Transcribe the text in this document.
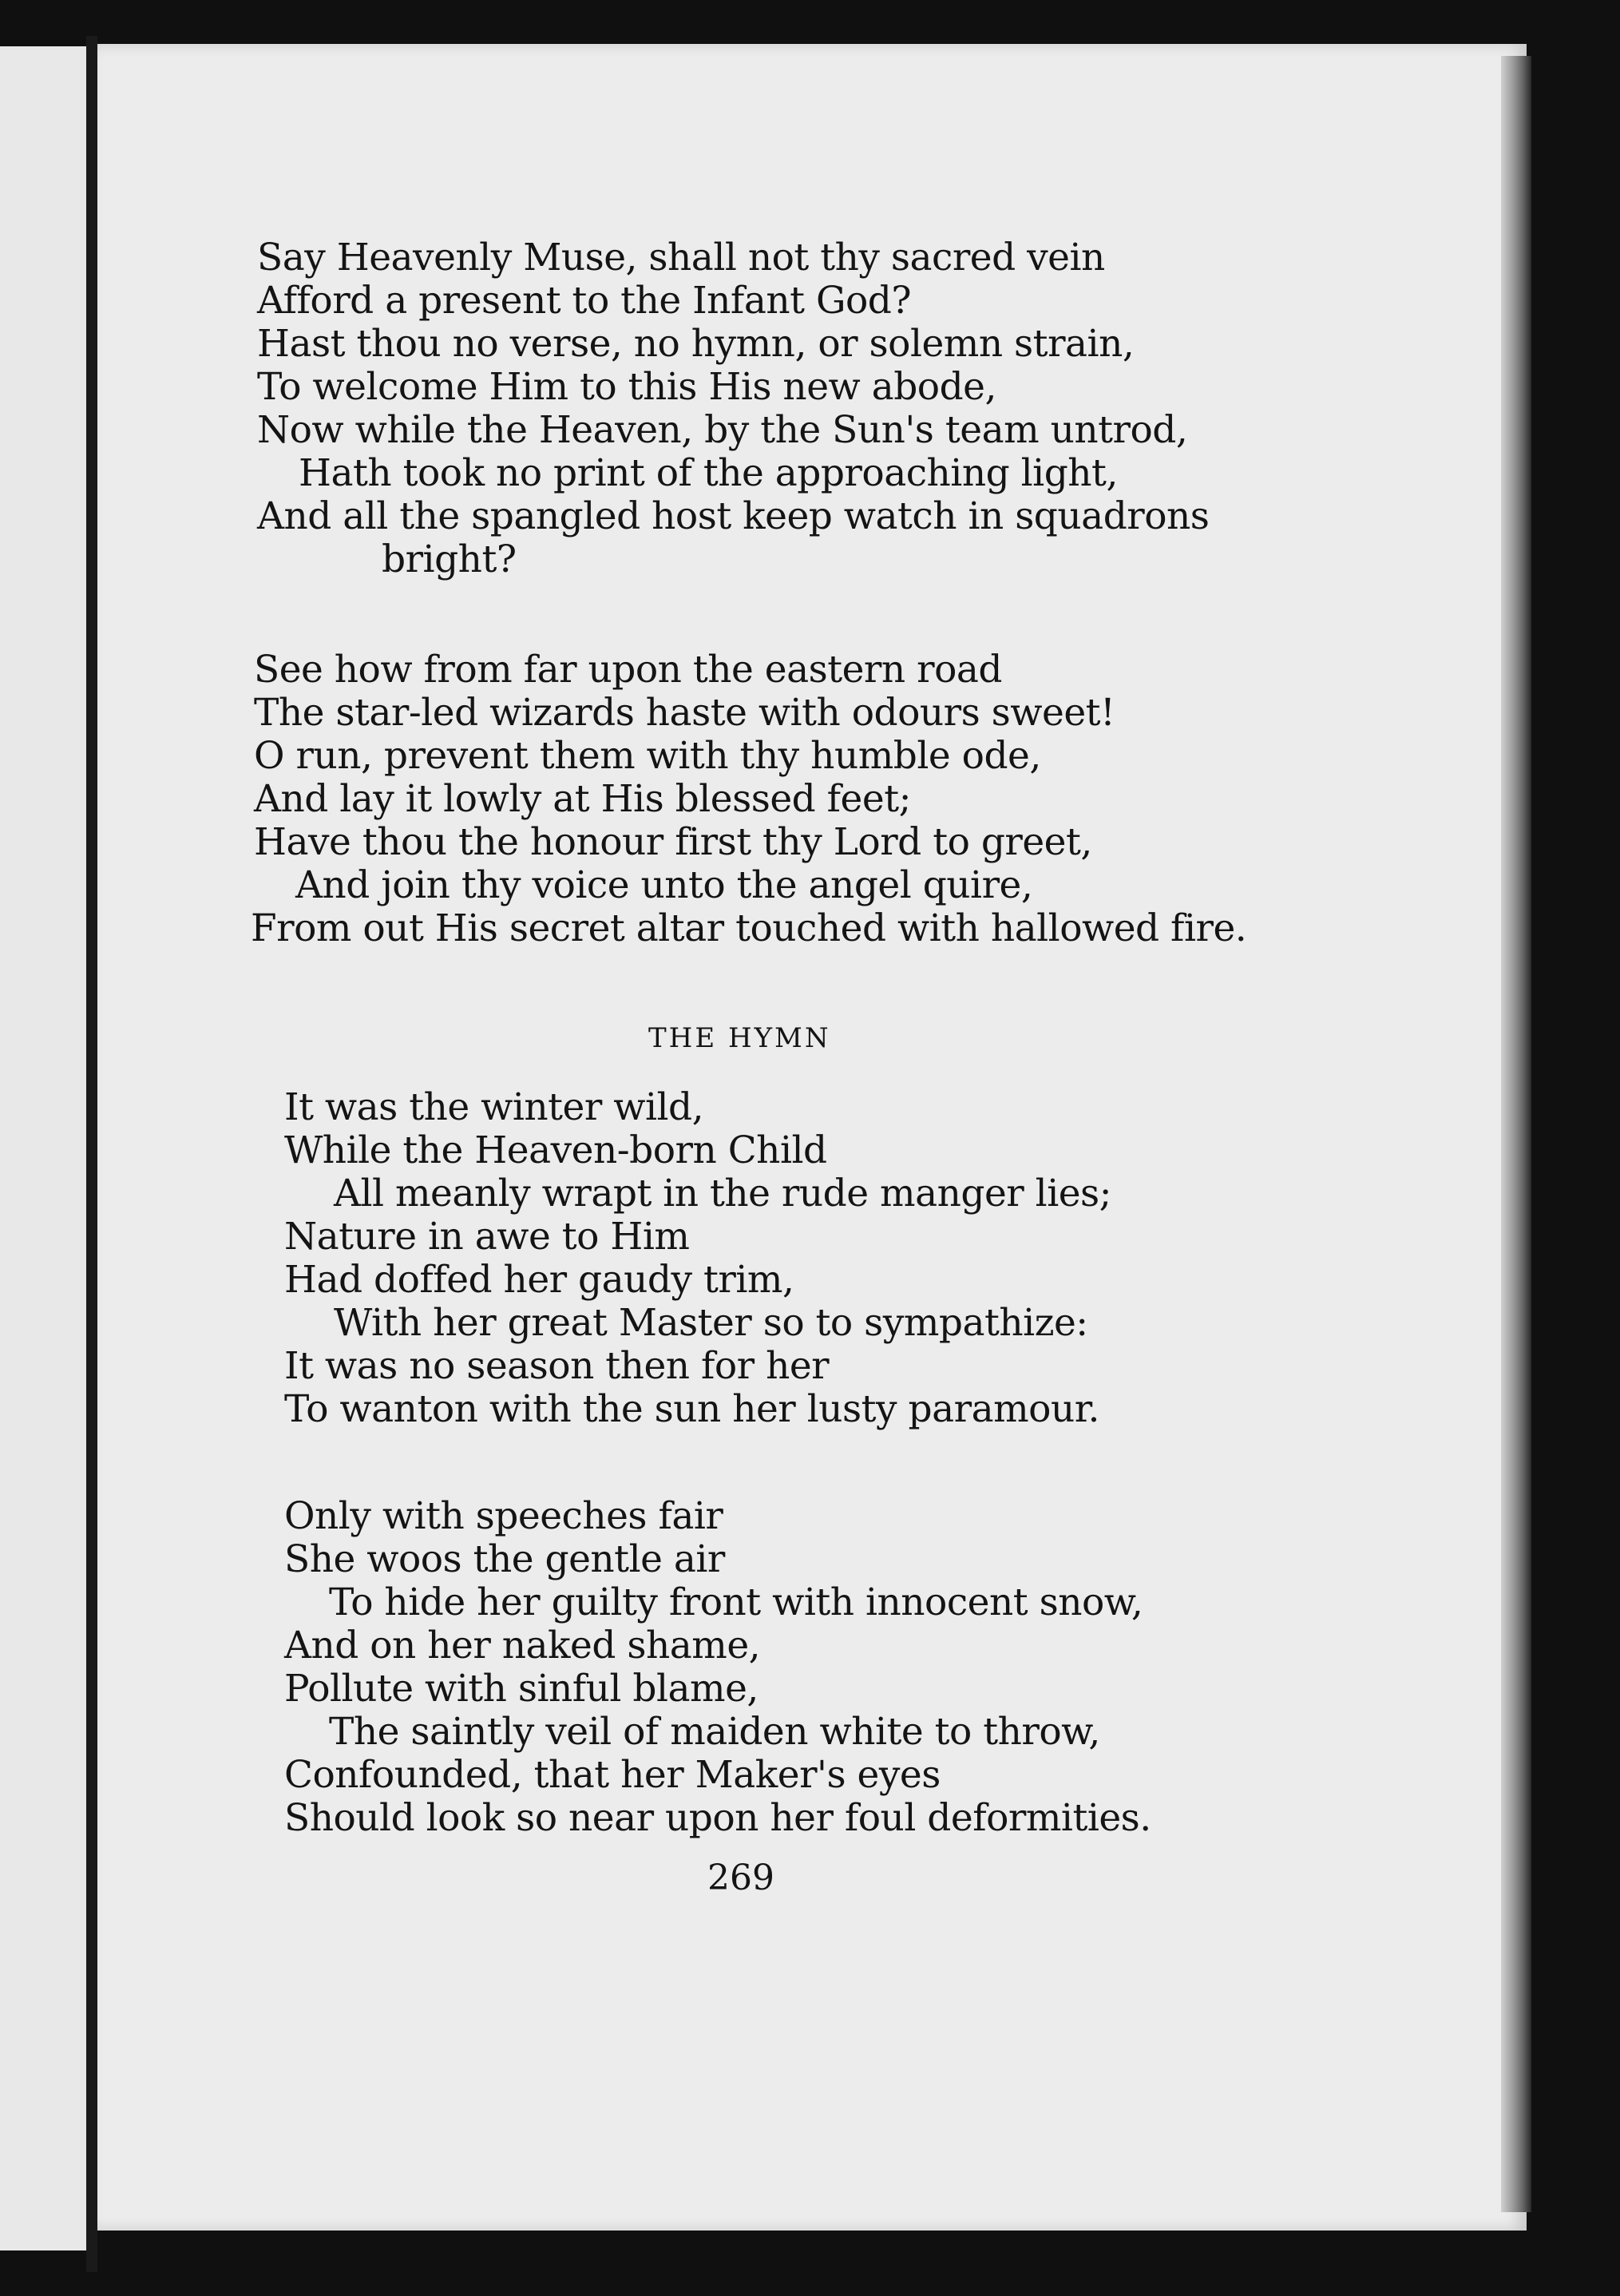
Say Heavenly Muse, shall not thy sacred vein
Afford a present to the Infant God?
Hast thou no verse, no hymn, or solemn strain,
To welcome Him to this His new abode,
Now while the Heaven, by the Sun's team untrod,
Hath took no print of the approaching light,
And all the spangled host keep watch in squadrons
bright?
See how from far upon the eastern road
The star-led wizards haste with odours sweet!
O run, prevent them with thy humble ode,
And lay it lowly at His blessed feet;
Have thou the honour first thy Lord to greet,
And join thy voice unto the angel quire,
From out His secret altar touched with hallowed fire.
THE HYMN
It was the winter wild,
While the Heaven-born Child
All meanly wrapt in the rude manger lies;
Nature in awe to Him
Had doffed her gaudy trim,
With her great Master so to sympathize:
It was no season then for her
To wanton with the sun her lusty paramour.
Only with speeches fair
She woos the gentle air
To hide her guilty front with innocent snow,
And on her naked shame,
Pollute with sinful blame,
The saintly veil of maiden white to throw,
Confounded, that her Maker's eyes
Should look so near upon her foul deformities.
269
